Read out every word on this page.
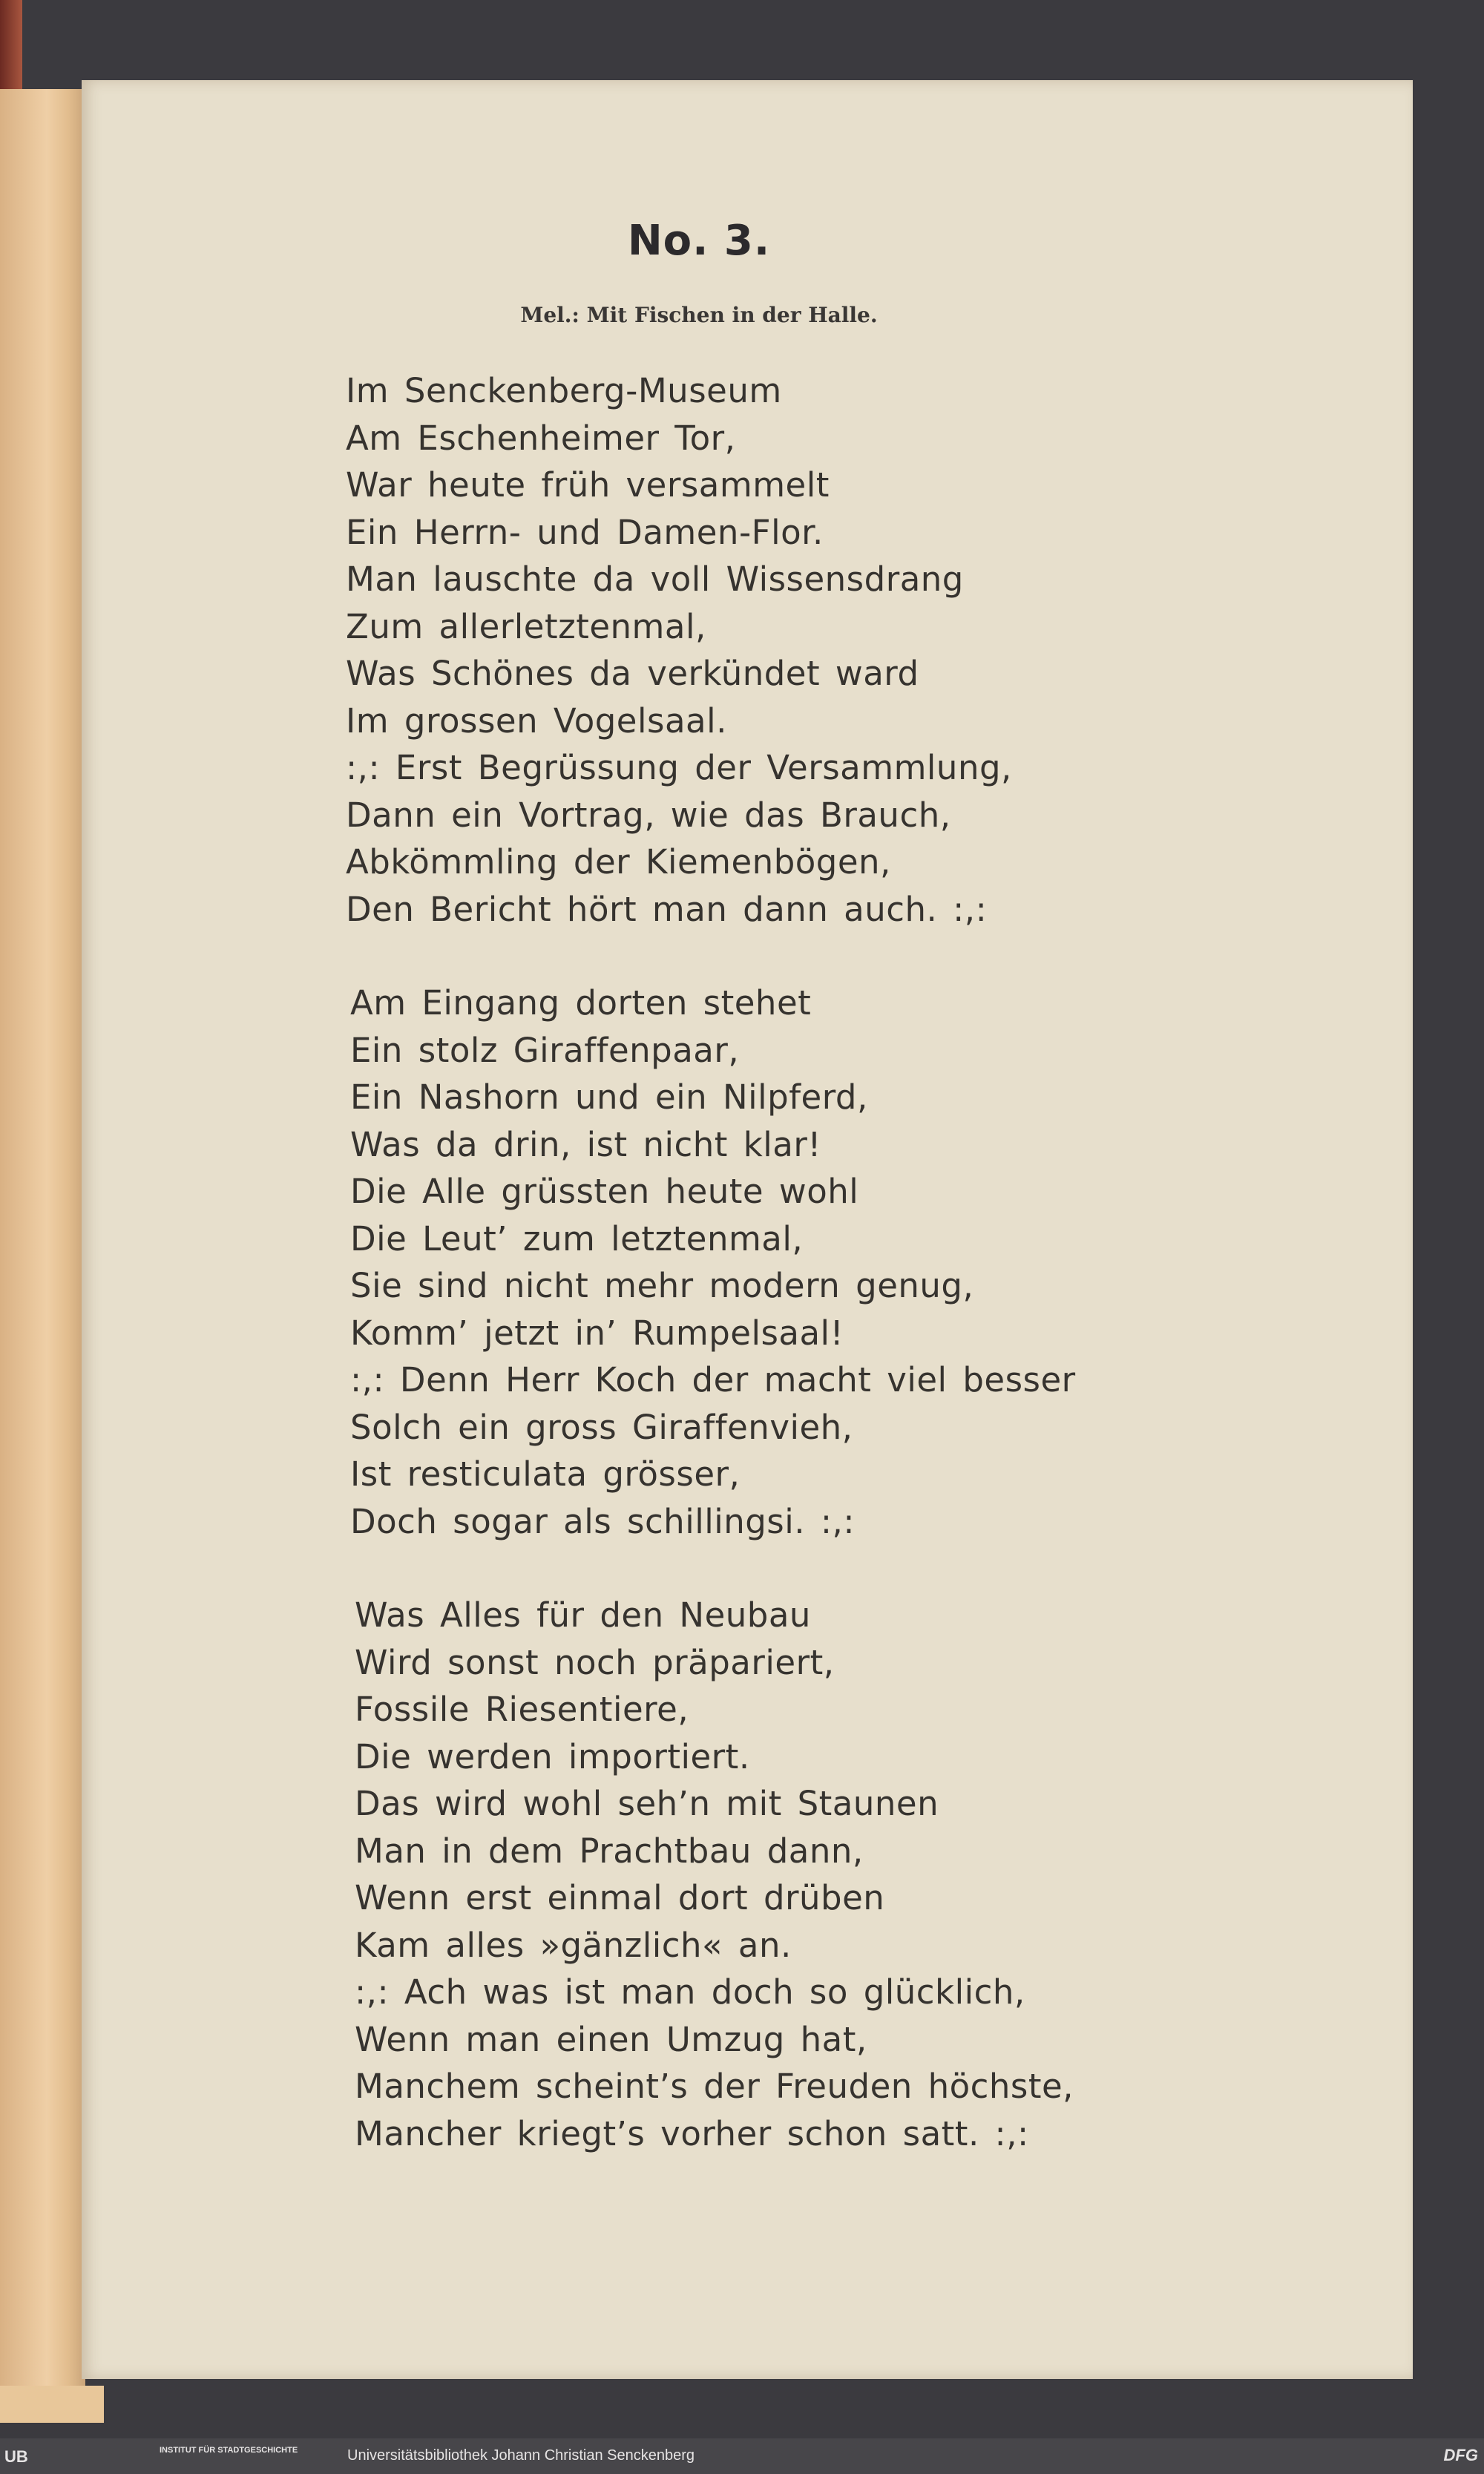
No. 3.
Mel.: Mit Fischen in der Halle.
Im Senckenberg-Museum
Am Eschenheimer Tor,
War heute früh versammelt
Ein Herrn- und Damen-Flor.
Man lauschte da voll Wissensdrang
Zum allerletztenmal,
Was Schönes da verkündet ward
Im grossen Vogelsaal.
:,: Erst Begrüssung der Versammlung,
Dann ein Vortrag, wie das Brauch,
Abkömmling der Kiemenbögen,
Den Bericht hört man dann auch. :,:
Am Eingang dorten stehet
Ein stolz Giraffenpaar,
Ein Nashorn und ein Nilpferd,
Was da drin, ist nicht klar!
Die Alle grüssten heute wohl
Die Leut’ zum letztenmal,
Sie sind nicht mehr modern genug,
Komm’ jetzt in’ Rumpelsaal!
:,: Denn Herr Koch der macht viel besser
Solch ein gross Giraffenvieh,
Ist resticulata grösser,
Doch sogar als schillingsi. :,:
Was Alles für den Neubau
Wird sonst noch präpariert,
Fossile Riesentiere,
Die werden importiert.
Das wird wohl seh’n mit Staunen
Man in dem Prachtbau dann,
Wenn erst einmal dort drüben
Kam alles »gänzlich« an.
:,: Ach was ist man doch so glücklich,
Wenn man einen Umzug hat,
Manchem scheint’s der Freuden höchste,
Mancher kriegt’s vorher schon satt. :,:
UB	INSTITUT FÜR STADTGESCHICHTE	Universitätsbibliothek Johann Christian Senckenberg	DFG
